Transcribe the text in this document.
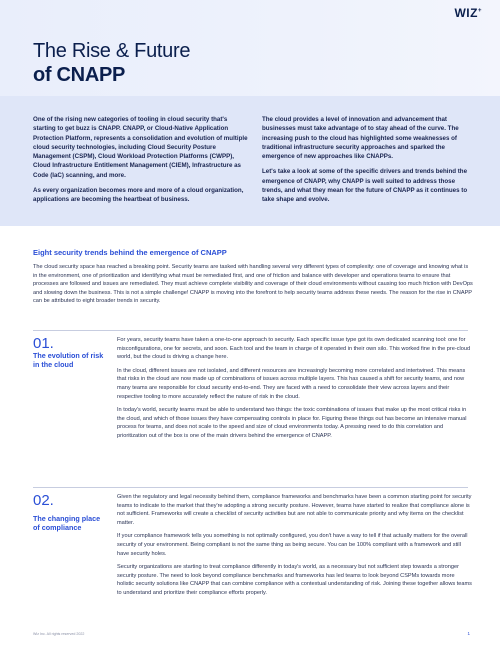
WIZ+
The Rise & Future
of CNAPP

One of the rising new categories of tooling in cloud security that's starting to get buzz is CNAPP. CNAPP, or Cloud-Native Application Protection Platform, represents a consolidation and evolution of multiple cloud security technologies, including Cloud Security Posture Management (CSPM), Cloud Workload Protection Platforms (CWPP), Cloud Infrastructure Entitlement Management (CIEM), Infrastructure as Code (IaC) scanning, and more.

As every organization becomes more and more of a cloud organization, applications are becoming the heartbeat of business.

The cloud provides a level of innovation and advancement that businesses must take advantage of to stay ahead of the curve. The increasing push to the cloud has highlighted some weaknesses of traditional infrastructure security approaches and sparked the emergence of new approaches like CNAPPs.

Let's take a look at some of the specific drivers and trends behind the emergence of CNAPP, why CNAPP is well suited to address those trends, and what they mean for the future of CNAPP as it continues to take shape and evolve.

Eight security trends behind the emergence of CNAPP
The cloud security space has reached a breaking point. Security teams are tasked with handling several very different types of complexity: one of coverage and knowing what is in the environment, one of prioritization and identifying what must be remediated first, and one of friction and balance with developer and operations teams to ensure that processes are followed and issues are remediated. They must achieve complete visibility and coverage of their cloud environments without causing too much friction with DevOps and slowing down the business. This is not a simple challenge! CNAPP is moving into the forefront to help security teams address these needs. The reason for the rise in CNAPP can be attributed to eight broader trends in security.
01.
The evolution of risk in the cloud

For years, security teams have taken a one-to-one approach to security. Each specific issue type got its own dedicated scanning tool: one for misconfigurations, one for secrets, and soon. Each tool and the team in charge of it operated in their own silo. This worked fine in the pre-cloud world, but the cloud is driving a change here.

In the cloud, different issues are not isolated, and different resources are increasingly becoming more correlated and intertwined. This means that risks in the cloud are now made up of combinations of issues across multiple layers. This has caused a shift for security teams, and now many teams are responsible for cloud security end-to-end. They are faced with a need to consolidate their view across layers and their respective tooling to more accurately reflect the nature of risk in the cloud.

In today's world, security teams must be able to understand two things: the toxic combinations of issues that make up the most critical risks in the cloud, and which of those issues they have compensating controls in place for. Figuring these things out has become an intensive manual process for teams, and does not scale to the speed and size of cloud environments today. A pressing need to do this correlation and prioritization out of the box is one of the main drivers behind the emergence of CNAPP.

02.
The changing place of compliance

Given the regulatory and legal necessity behind them, compliance frameworks and benchmarks have been a common starting point for security teams to indicate to the market that they're adopting a strong security posture. However, teams have started to realize that compliance alone is not sufficient. Frameworks will create a checklist of security activities but are not able to communicate priority and why items on the checklist matter.

If your compliance framework tells you something is not optimally configured, you don't have a way to tell if that actually matters for the overall security of your environment. Being compliant is not the same thing as being secure. You can be 100% compliant with a framework and still have security holes.

Security organizations are starting to treat compliance differently in today's world, as a necessary but not sufficient step towards a stronger security posture. The need to look beyond compliance benchmarks and frameworks has led teams to look beyond CSPMs towards more holistic security solutions like CNAPP that can combine compliance with a contextual understanding of risk. Joining these together allows teams to understand and prioritize their compliance efforts properly.

Wiz Inc. All rights reserved 2022	1
